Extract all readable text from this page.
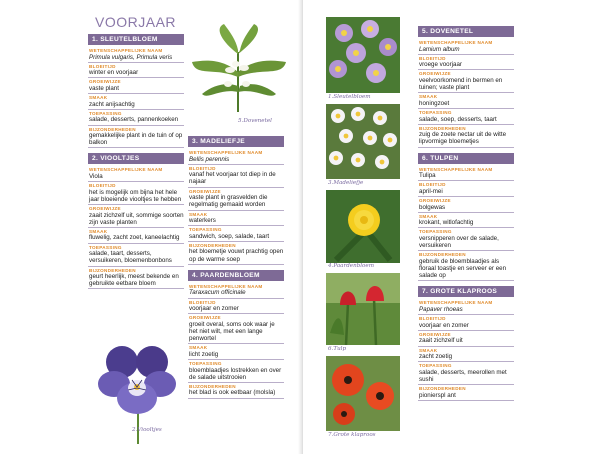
VOORJAAR
1. SLEUTELBLOEM
WETENSCHAPPELIJKE NAAM
Primula vulgaris, Primula veris
BLOEITIJD
winter en voorjaar
GROEIWIJZE
vaste plant
SMAAK
zacht anijsachtig
TOEPASSING
salade, desserts, pannenkoeken
BIJZONDERHEDEN
gemakkelijke plant in de tuin of op balkon
2. VIOOLTJES
WETENSCHAPPELIJKE NAAM
Viola
BLOEITIJD
het is mogelijk om bijna het hele jaar bloeiende viooltjes te hebben
GROEIWIJZE
zaait zichzelf uit, sommige soorten zijn vaste planten
SMAAK
fluwelig, zacht zoet, kaneelachtig
TOEPASSING
salade, taart, desserts, versuikeren, bloemenbonbons
BIJZONDERHEDEN
geurt heerlijk, meest bekende en gebruikte eetbare bloem
3. MADELIEFJE
WETENSCHAPPELIJKE NAAM
Bellis perennis
BLOEITIJD
vanaf het voorjaar tot diep in de najaar
GROEIWIJZE
vaste plant in grasvelden die regelmatig gemaaid worden
SMAAK
waterkers
TOEPASSING
sandwich, soep, salade, taart
BIJZONDERHEDEN
het bloemetje vouwt prachtig open op de warme soep
4. PAARDENBLOEM
WETENSCHAPPELIJKE NAAM
Taraxacum officinale
BLOEITIJD
voorjaar en zomer
GROEIWIJZE
groeit overal, soms ook waar je het niet wilt, met een lange penwortel
SMAAK
licht zoetig
TOEPASSING
bloemblaadjes lostrekken en over de salade uitstrooien
BIJZONDERHEDEN
het blad is ook eetbaar (molsla)
5.Dovenetel
2.Viooltjes
1.Sleutelbloem
3.Madeliefje
4.Paardenbloem
6.Tulp
7.Grote klaproos
5. DOVENETEL
WETENSCHAPPELIJKE NAAM
Lamium album
BLOEITIJD
vroege voorjaar
GROEIWIJZE
veelvoorkomend in bermen en tuinen; vaste plant
SMAAK
honingzoet
TOEPASSING
salade, soep, desserts, taart
BIJZONDERHEDEN
zuig de zoete nectar uit de witte lipvormige bloemetjes
6. TULPEN
WETENSCHAPPELIJKE NAAM
Tulipa
BLOEITIJD
april-mei
GROEIWIJZE
bolgewas
SMAAK
krokant, witlofachtig
TOEPASSING
versnipperen over de salade, versuikeren
BIJZONDERHEDEN
gebruik de bloemblaadjes als floraal toastje en serveer er een salade op
7. GROTE KLAPROOS
WETENSCHAPPELIJKE NAAM
Papaver rhoeas
BLOEITIJD
voorjaar en zomer
GROEIWIJZE
zaait zichzelf uit
SMAAK
zacht zoetig
TOEPASSING
salade, desserts, meerollen met sushi
BIJZONDERHEDEN
pionierspl ant
